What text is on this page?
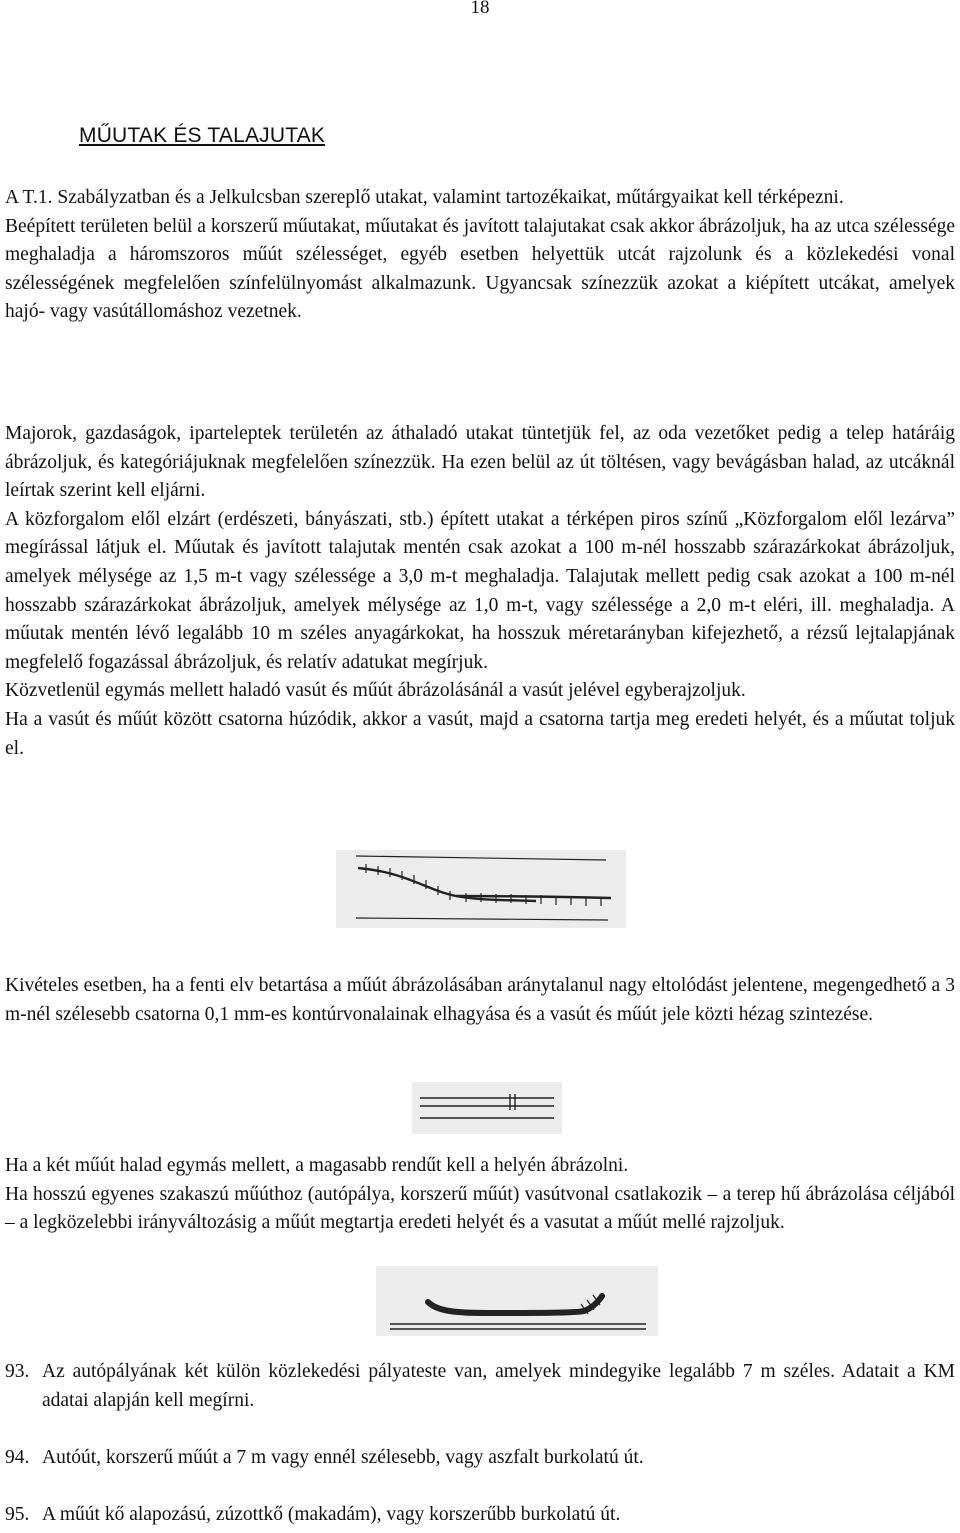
18
MŰUTAK ÉS TALAJUTAK

A T.1. Szabályzatban és a Jelkulcsban szereplő utakat, valamint tartozékaikat, műtárgyaikat kell térképezni.

Beépített területen belül a korszerű műutakat, műutakat és javított talajutakat csak akkor ábrázoljuk, ha az utca szélessége meghaladja a háromszoros műút szélességet, egyéb esetben helyettük utcát rajzolunk és a közlekedési vonal szélességének megfelelően színfelülnyomást alkalmazunk. Ugyancsak színezzük azokat a kiépített utcákat, amelyek hajó- vagy vasútállomáshoz vezetnek.

Majorok, gazdaságok, iparteleptek területén az áthaladó utakat tüntetjük fel, az oda vezetőket pedig a telep határáig ábrázoljuk, és kategóriájuknak megfelelően színezzük. Ha ezen belül az út töltésen, vagy bevágásban halad, az utcáknál leírtak szerint kell eljárni.

A közforgalom elől elzárt (erdészeti, bányászati, stb.) épített utakat a térképen piros színű „Közforgalom elől lezárva” megírással látjuk el. Műutak és javított talajutak mentén csak azokat a 100 m-nél hosszabb szárazárkokat ábrázoljuk, amelyek mélysége az 1,5 m-t vagy szélessége a 3,0 m-t meghaladja. Talajutak mellett pedig csak azokat a 100 m-nél hosszabb szárazárkokat ábrázoljuk, amelyek mélysége az 1,0 m-t, vagy szélessége a 2,0 m-t eléri, ill. meghaladja. A műutak mentén lévő legalább 10 m széles anyagárkokat, ha hosszuk méretarányban kifejezhető, a rézsű lejtalapjának megfelelő fogazással ábrázoljuk, és relatív adatukat megírjuk.

Közvetlenül egymás mellett haladó vasút és műút ábrázolásánál a vasút jelével egyberajzoljuk.

Ha a vasút és műút között csatorna húzódik, akkor a vasút, majd a csatorna tartja meg eredeti helyét, és a műutat toljuk el.

Kivételes esetben, ha a fenti elv betartása a műút ábrázolásában aránytalanul nagy eltolódást jelentene, megengedhető a 3 m-nél szélesebb csatorna 0,1 mm-es kontúrvonalainak elhagyása és a vasút és műút jele közti hézag szintezése.

Ha a két műút halad egymás mellett, a magasabb rendűt kell a helyén ábrázolni.

Ha hosszú egyenes szakaszú műúthoz (autópálya, korszerű műút) vasútvonal csatlakozik – a terep hű ábrázolása céljából – a legközelebbi irányváltozásig a műút megtartja eredeti helyét és a vasutat a műút mellé rajzoljuk.

93. Az autópályának két külön közlekedési pályateste van, amelyek mindegyike legalább 7 m széles. Adatait a KM adatai alapján kell megírni.
94. Autóút, korszerű műút a 7 m vagy ennél szélesebb, vagy aszfalt burkolatú út.
95. A műút kő alapozású, zúzottkő (makadám), vagy korszerűbb burkolatú út.
